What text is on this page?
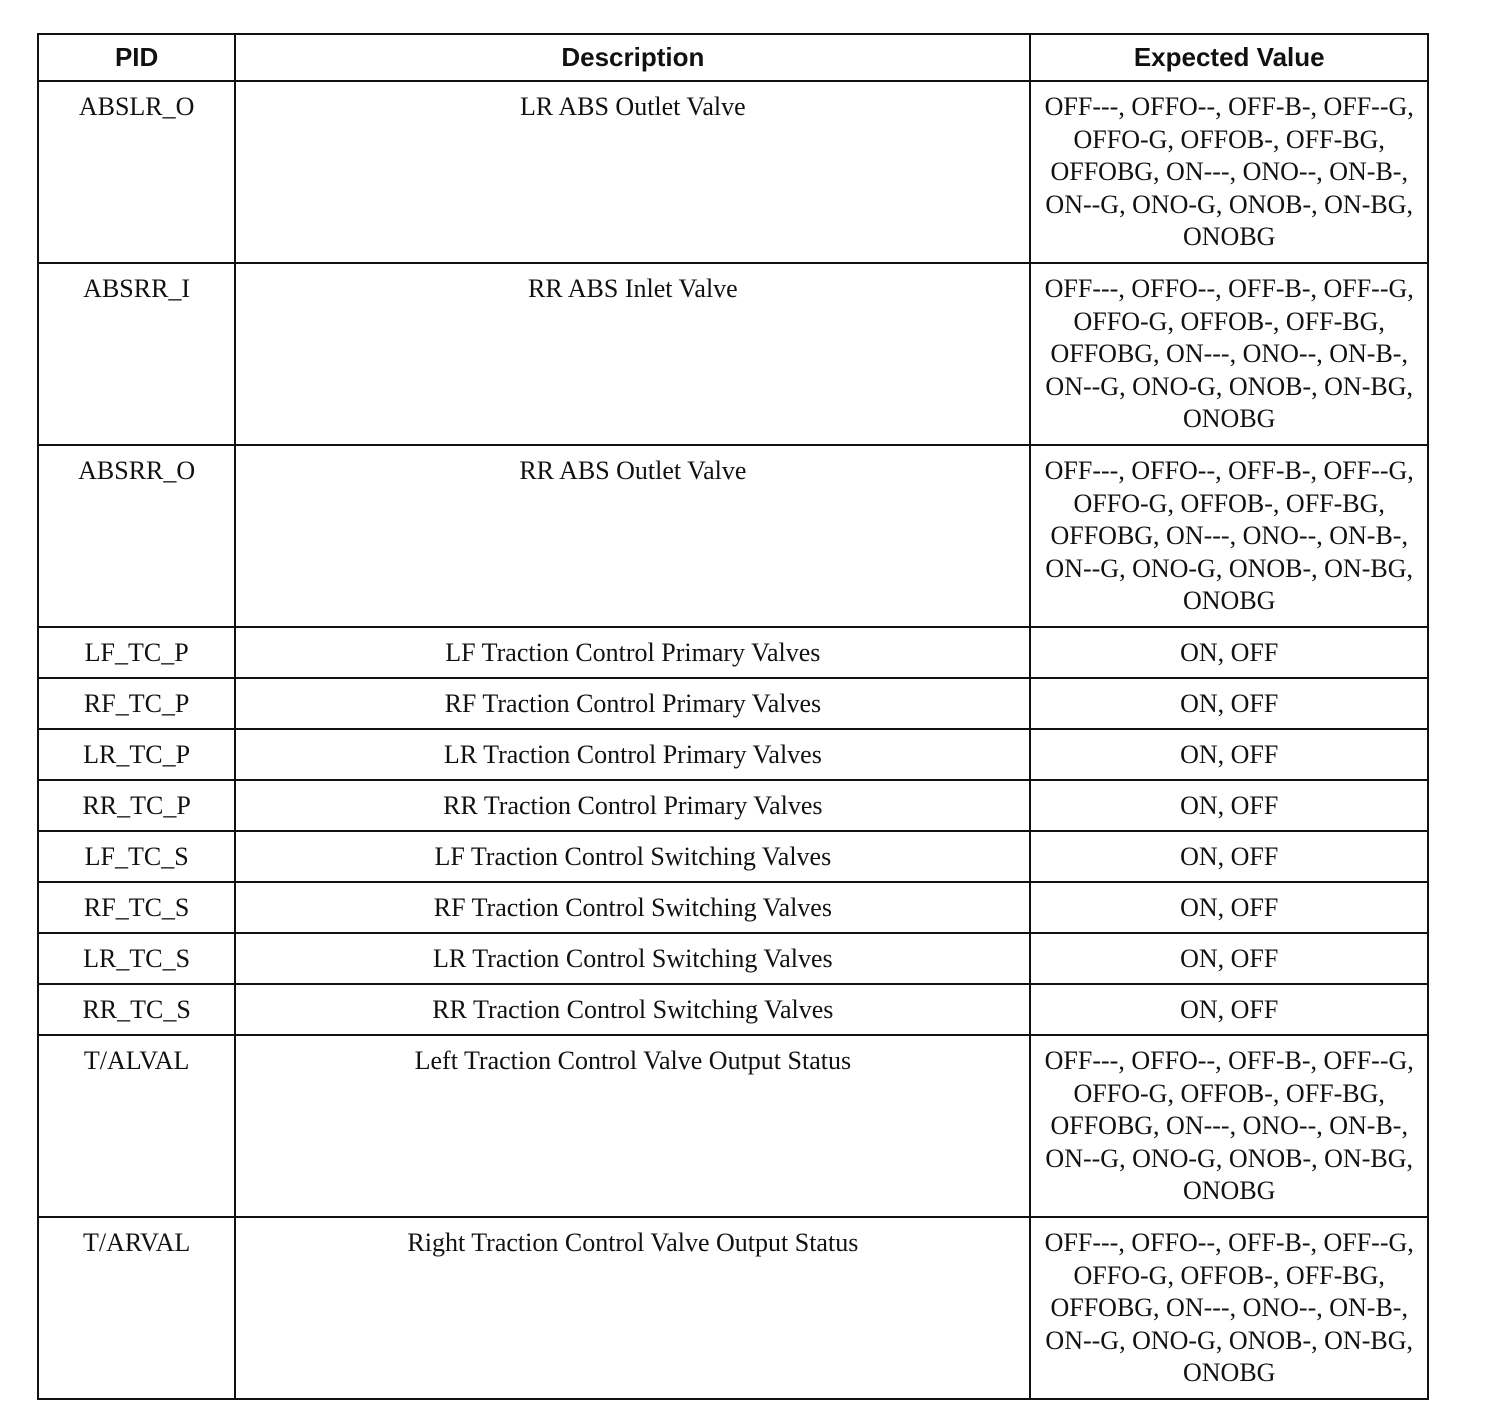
PID	Description	Expected Value
ABSLR_O	LR ABS Outlet Valve	OFF---, OFFO--, OFF-B-, OFF--G, OFFO-G, OFFOB-, OFF-BG, OFFOBG, ON---, ONO--, ON-B-, ON--G, ONO-G, ONOB-, ON-BG, ONOBG
ABSRR_I	RR ABS Inlet Valve	OFF---, OFFO--, OFF-B-, OFF--G, OFFO-G, OFFOB-, OFF-BG, OFFOBG, ON---, ONO--, ON-B-, ON--G, ONO-G, ONOB-, ON-BG, ONOBG
ABSRR_O	RR ABS Outlet Valve	OFF---, OFFO--, OFF-B-, OFF--G, OFFO-G, OFFOB-, OFF-BG, OFFOBG, ON---, ONO--, ON-B-, ON--G, ONO-G, ONOB-, ON-BG, ONOBG
LF_TC_P	LF Traction Control Primary Valves	ON, OFF
RF_TC_P	RF Traction Control Primary Valves	ON, OFF
LR_TC_P	LR Traction Control Primary Valves	ON, OFF
RR_TC_P	RR Traction Control Primary Valves	ON, OFF
LF_TC_S	LF Traction Control Switching Valves	ON, OFF
RF_TC_S	RF Traction Control Switching Valves	ON, OFF
LR_TC_S	LR Traction Control Switching Valves	ON, OFF
RR_TC_S	RR Traction Control Switching Valves	ON, OFF
T/ALVAL	Left Traction Control Valve Output Status	OFF---, OFFO--, OFF-B-, OFF--G, OFFO-G, OFFOB-, OFF-BG, OFFOBG, ON---, ONO--, ON-B-, ON--G, ONO-G, ONOB-, ON-BG, ONOBG
T/ARVAL	Right Traction Control Valve Output Status	OFF---, OFFO--, OFF-B-, OFF--G, OFFO-G, OFFOB-, OFF-BG, OFFOBG, ON---, ONO--, ON-B-, ON--G, ONO-G, ONOB-, ON-BG, ONOBG
